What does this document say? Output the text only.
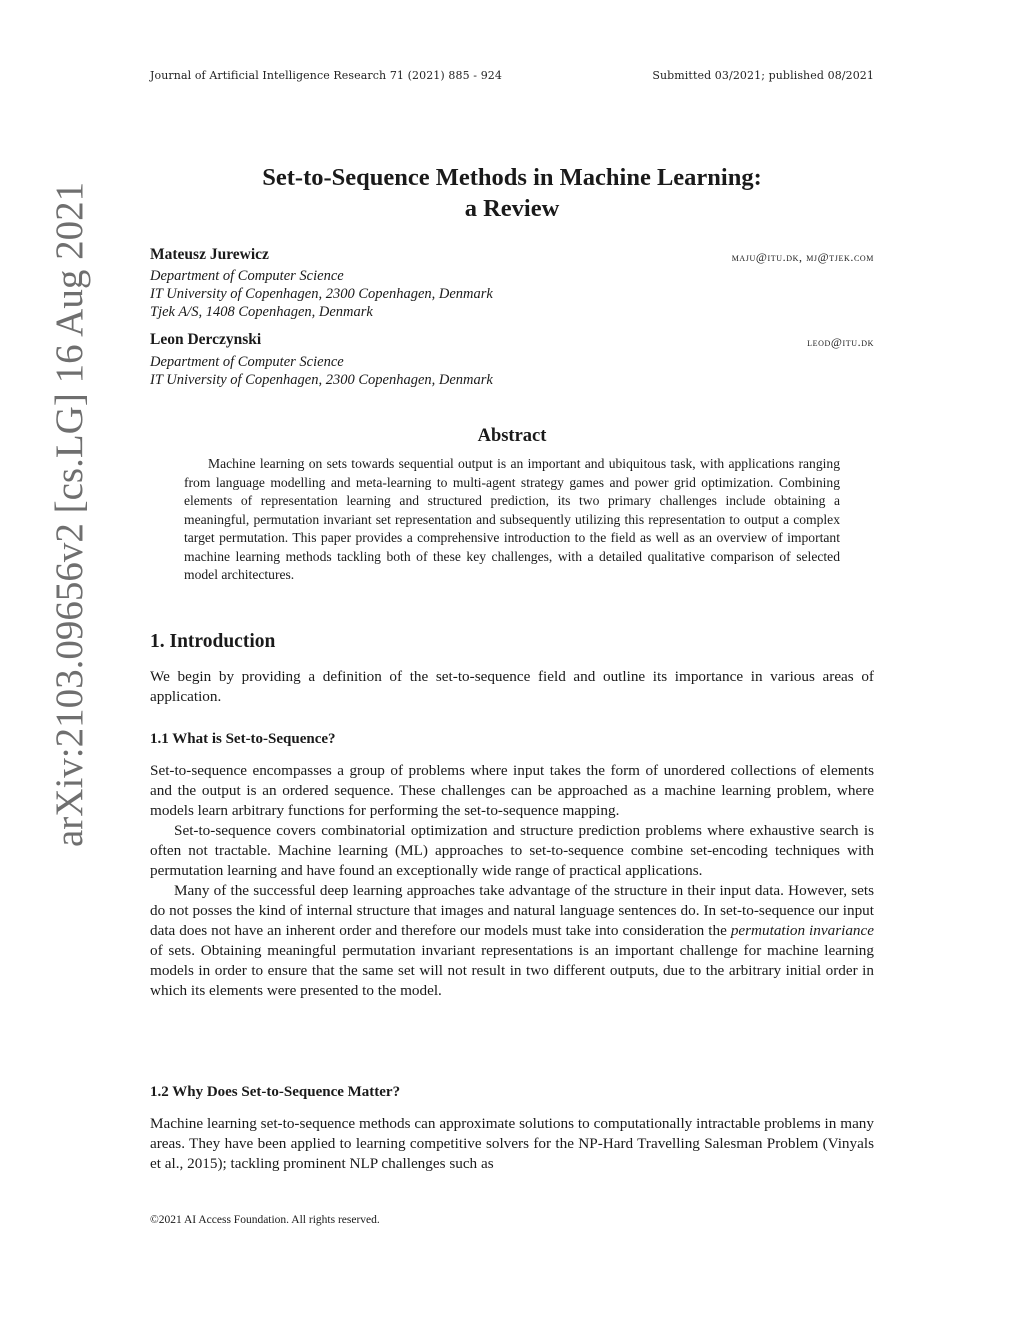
Journal of Artificial Intelligence Research 71 (2021) 885 - 924	Submitted 03/2021; published 08/2021
arXiv:2103.09656v2 [cs.LG] 16 Aug 2021
Set-to-Sequence Methods in Machine Learning:
a Review
Mateusz Jurewicz	maju@itu.dk, mj@tjek.com
Department of Computer Science
IT University of Copenhagen, 2300 Copenhagen, Denmark
Tjek A/S, 1408 Copenhagen, Denmark
Leon Derczynski	leod@itu.dk
Department of Computer Science
IT University of Copenhagen, 2300 Copenhagen, Denmark
Abstract
Machine learning on sets towards sequential output is an important and ubiquitous task, with applications ranging from language modelling and meta-learning to multi-agent strategy games and power grid optimization. Combining elements of representation learning and structured prediction, its two primary challenges include obtaining a meaningful, permutation invariant set representation and subsequently utilizing this representation to output a complex target permutation. This paper provides a comprehensive introduction to the field as well as an overview of important machine learning methods tackling both of these key challenges, with a detailed qualitative comparison of selected model architectures.
1. Introduction

We begin by providing a definition of the set-to-sequence field and outline its importance in various areas of application.

1.1 What is Set-to-Sequence?

Set-to-sequence encompasses a group of problems where input takes the form of unordered collections of elements and the output is an ordered sequence. These challenges can be approached as a machine learning problem, where models learn arbitrary functions for performing the set-to-sequence mapping.

Set-to-sequence covers combinatorial optimization and structure prediction problems where exhaustive search is often not tractable. Machine learning (ML) approaches to set-to-sequence combine set-encoding techniques with permutation learning and have found an exceptionally wide range of practical applications.

Many of the successful deep learning approaches take advantage of the structure in their input data. However, sets do not posses the kind of internal structure that images and natural language sentences do. In set-to-sequence our input data does not have an inherent order and therefore our models must take into consideration the permutation invariance of sets. Obtaining meaningful permutation invariant representations is an important challenge for machine learning models in order to ensure that the same set will not result in two different outputs, due to the arbitrary initial order in which its elements were presented to the model.

1.2 Why Does Set-to-Sequence Matter?

Machine learning set-to-sequence methods can approximate solutions to computationally intractable problems in many areas. They have been applied to learning competitive solvers for the NP-Hard Travelling Salesman Problem (Vinyals et al., 2015); tackling prominent NLP challenges such as

©2021 AI Access Foundation. All rights reserved.
